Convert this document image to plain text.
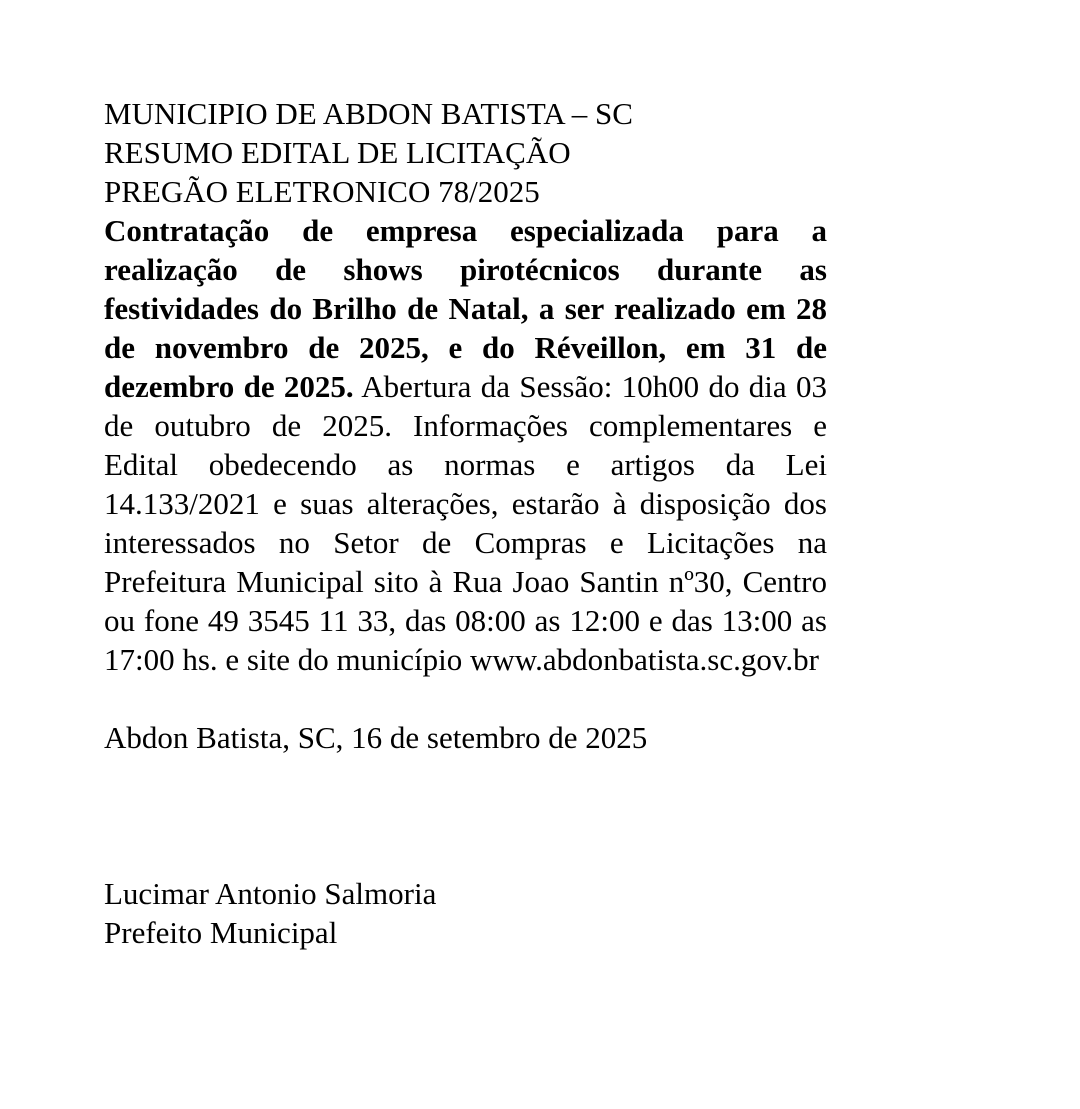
MUNICIPIO DE ABDON BATISTA – SC
RESUMO EDITAL DE LICITAÇÃO
PREGÃO ELETRONICO 78/2025

Contratação de empresa especializada para a realização de shows pirotécnicos durante as festividades do Brilho de Natal, a ser realizado em 28 de novembro de 2025, e do Réveillon, em 31 de dezembro de 2025. Abertura da Sessão: 10h00 do dia 03 de outubro de 2025. Informações complementares e Edital obedecendo as normas e artigos da Lei 14.133/2021 e suas alterações, estarão à disposição dos interessados no Setor de Compras e Licitações na Prefeitura Municipal sito à Rua Joao Santin nº30, Centro ou fone 49 3545 11 33, das 08:00 as 12:00 e das 13:00 as 17:00 hs. e site do município www.abdonbatista.sc.gov.br

Abdon Batista, SC, 16 de setembro de 2025
Lucimar Antonio Salmoria
Prefeito Municipal
